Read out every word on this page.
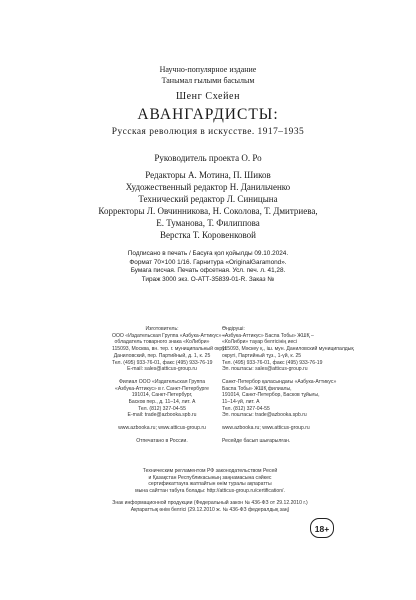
Научно-популярное издание
Танымал ғылыми басылым
Шенг Схейен
АВАНГАРДИСТЫ:
Русская революция в искусстве. 1917–1935
Руководитель проекта О. Ро
Редакторы А. Мотина, П. Шиков
Художественный редактор Н. Данильченко
Технический редактор Л. Синицына
Корректоры Л. Овчинникова, Н. Соколова, Т. Дмитриева,
Е. Туманова, Т. Филиппова
Верстка Т. Коровенковой
Подписано в печать / Басуға қол қойылды 09.10.2024.
Формат 70×100 1/16. Гарнитура «OriginalGaramond».
Бумага писчая. Печать офсетная. Усл. печ. л. 41,28.
Тираж 3000 экз. О-АТТ-35839-01-R. Заказ №
Изготовитель:
ООО «Издательская Группа «Азбука-Аттикус» –
обладатель товарного знака «КоЛибри»
115093, Москва, вн. тер. г. муниципальный округ
Даниловский, пер. Партийный, д. 1, к. 25
Тел. (495) 933-76-01, факс (495) 933-76-19
E-mail: sales@atticus-group.ru
Филиал ООО «Издательская Группа
«Азбука-Аттикус» в г. Санкт-Петербурге
191014, Санкт-Петербург,
Басков пер., д. 11–14, лит. А
Тел. (812) 327-04-55
E-mail: trade@azbooka.spb.ru
www.azbooka.ru; www.atticus-group.ru
Отпечатано в России.
Өндіруші:
«Азбука-Аттикус» Баспа Тобы» ЖШҚ –
«КоЛибри» тауар белгісінің иесі
115093, Мәскеу қ., іш. мун. Даниловский муниципалдық
округі, Партийный тұз., 1-үй, к. 25
Тел. (495) 933-76-01, факс (495) 933-76-19
Эл. поштасы: sales@atticus-group.ru
Санкт-Петербор қаласындағы «Азбука-Аттикус»
Баспа Тобы» ЖШҚ филиалы,
191014, Санкт-Петербор, Басков тұйығы,
11–14-үй, лит. А
Тел. (812) 327-04-55
Эл. поштасы: trade@azbooka.spb.ru
www.azbooka.ru; www.atticus-group.ru
Ресейде басып шығарылған.
Техническим регламентом РФ законодательством Ресей
и Қазақстан Республикасының заңнамасына сәйкес
сертификаттауға жатпайтын өнім туралы ақпаратты
мына сайттан табуға болады: http://atticus-group.ru/certification/.
Знак информационной продукции (Федеральный закон № 436-ФЗ от 29.12.2010 г.)
Ақпараттық өнім белгісі (29.12.2010 ж. № 436-ФЗ федералдық заң)
18+
